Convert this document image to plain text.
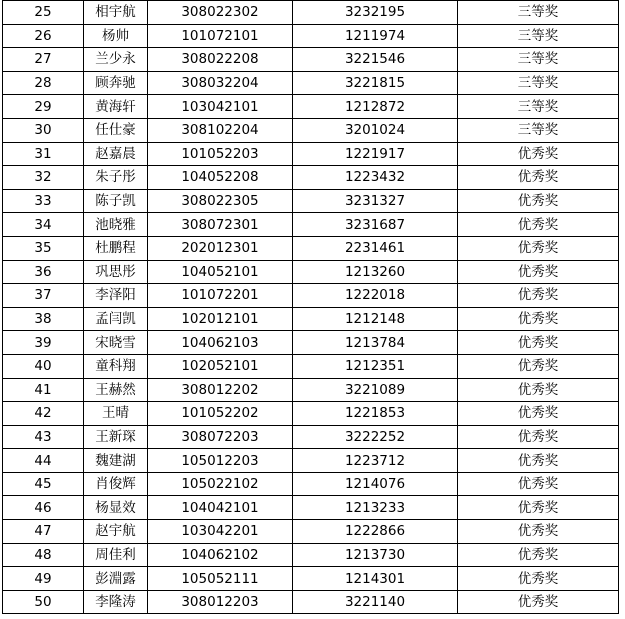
25	相宇航	308022302	3232195	三等奖
26	杨帅	101072101	1211974	三等奖
27	兰少永	308022208	3221546	三等奖
28	顾奔驰	308032204	3221815	三等奖
29	黄海轩	103042101	1212872	三等奖
30	任仕豪	308102204	3201024	三等奖
31	赵嘉晨	101052203	1221917	优秀奖
32	朱子彤	104052208	1223432	优秀奖
33	陈子凯	308022305	3231327	优秀奖
34	池晓雅	308072301	3231687	优秀奖
35	杜鹏程	202012301	2231461	优秀奖
36	巩思彤	104052101	1213260	优秀奖
37	李泽阳	101072201	1222018	优秀奖
38	孟闫凯	102012101	1212148	优秀奖
39	宋晓雪	104062103	1213784	优秀奖
40	童科翔	102052101	1212351	优秀奖
41	王赫然	308012202	3221089	优秀奖
42	王晴	101052202	1221853	优秀奖
43	王新琛	308072203	3222252	优秀奖
44	魏建湖	105012203	1223712	优秀奖
45	肖俊辉	105022102	1214076	优秀奖
46	杨显效	104042101	1213233	优秀奖
47	赵宇航	103042201	1222866	优秀奖
48	周佳利	104062102	1213730	优秀奖
49	彭淵露	105052111	1214301	优秀奖
50	李隆涛	308012203	3221140	优秀奖
